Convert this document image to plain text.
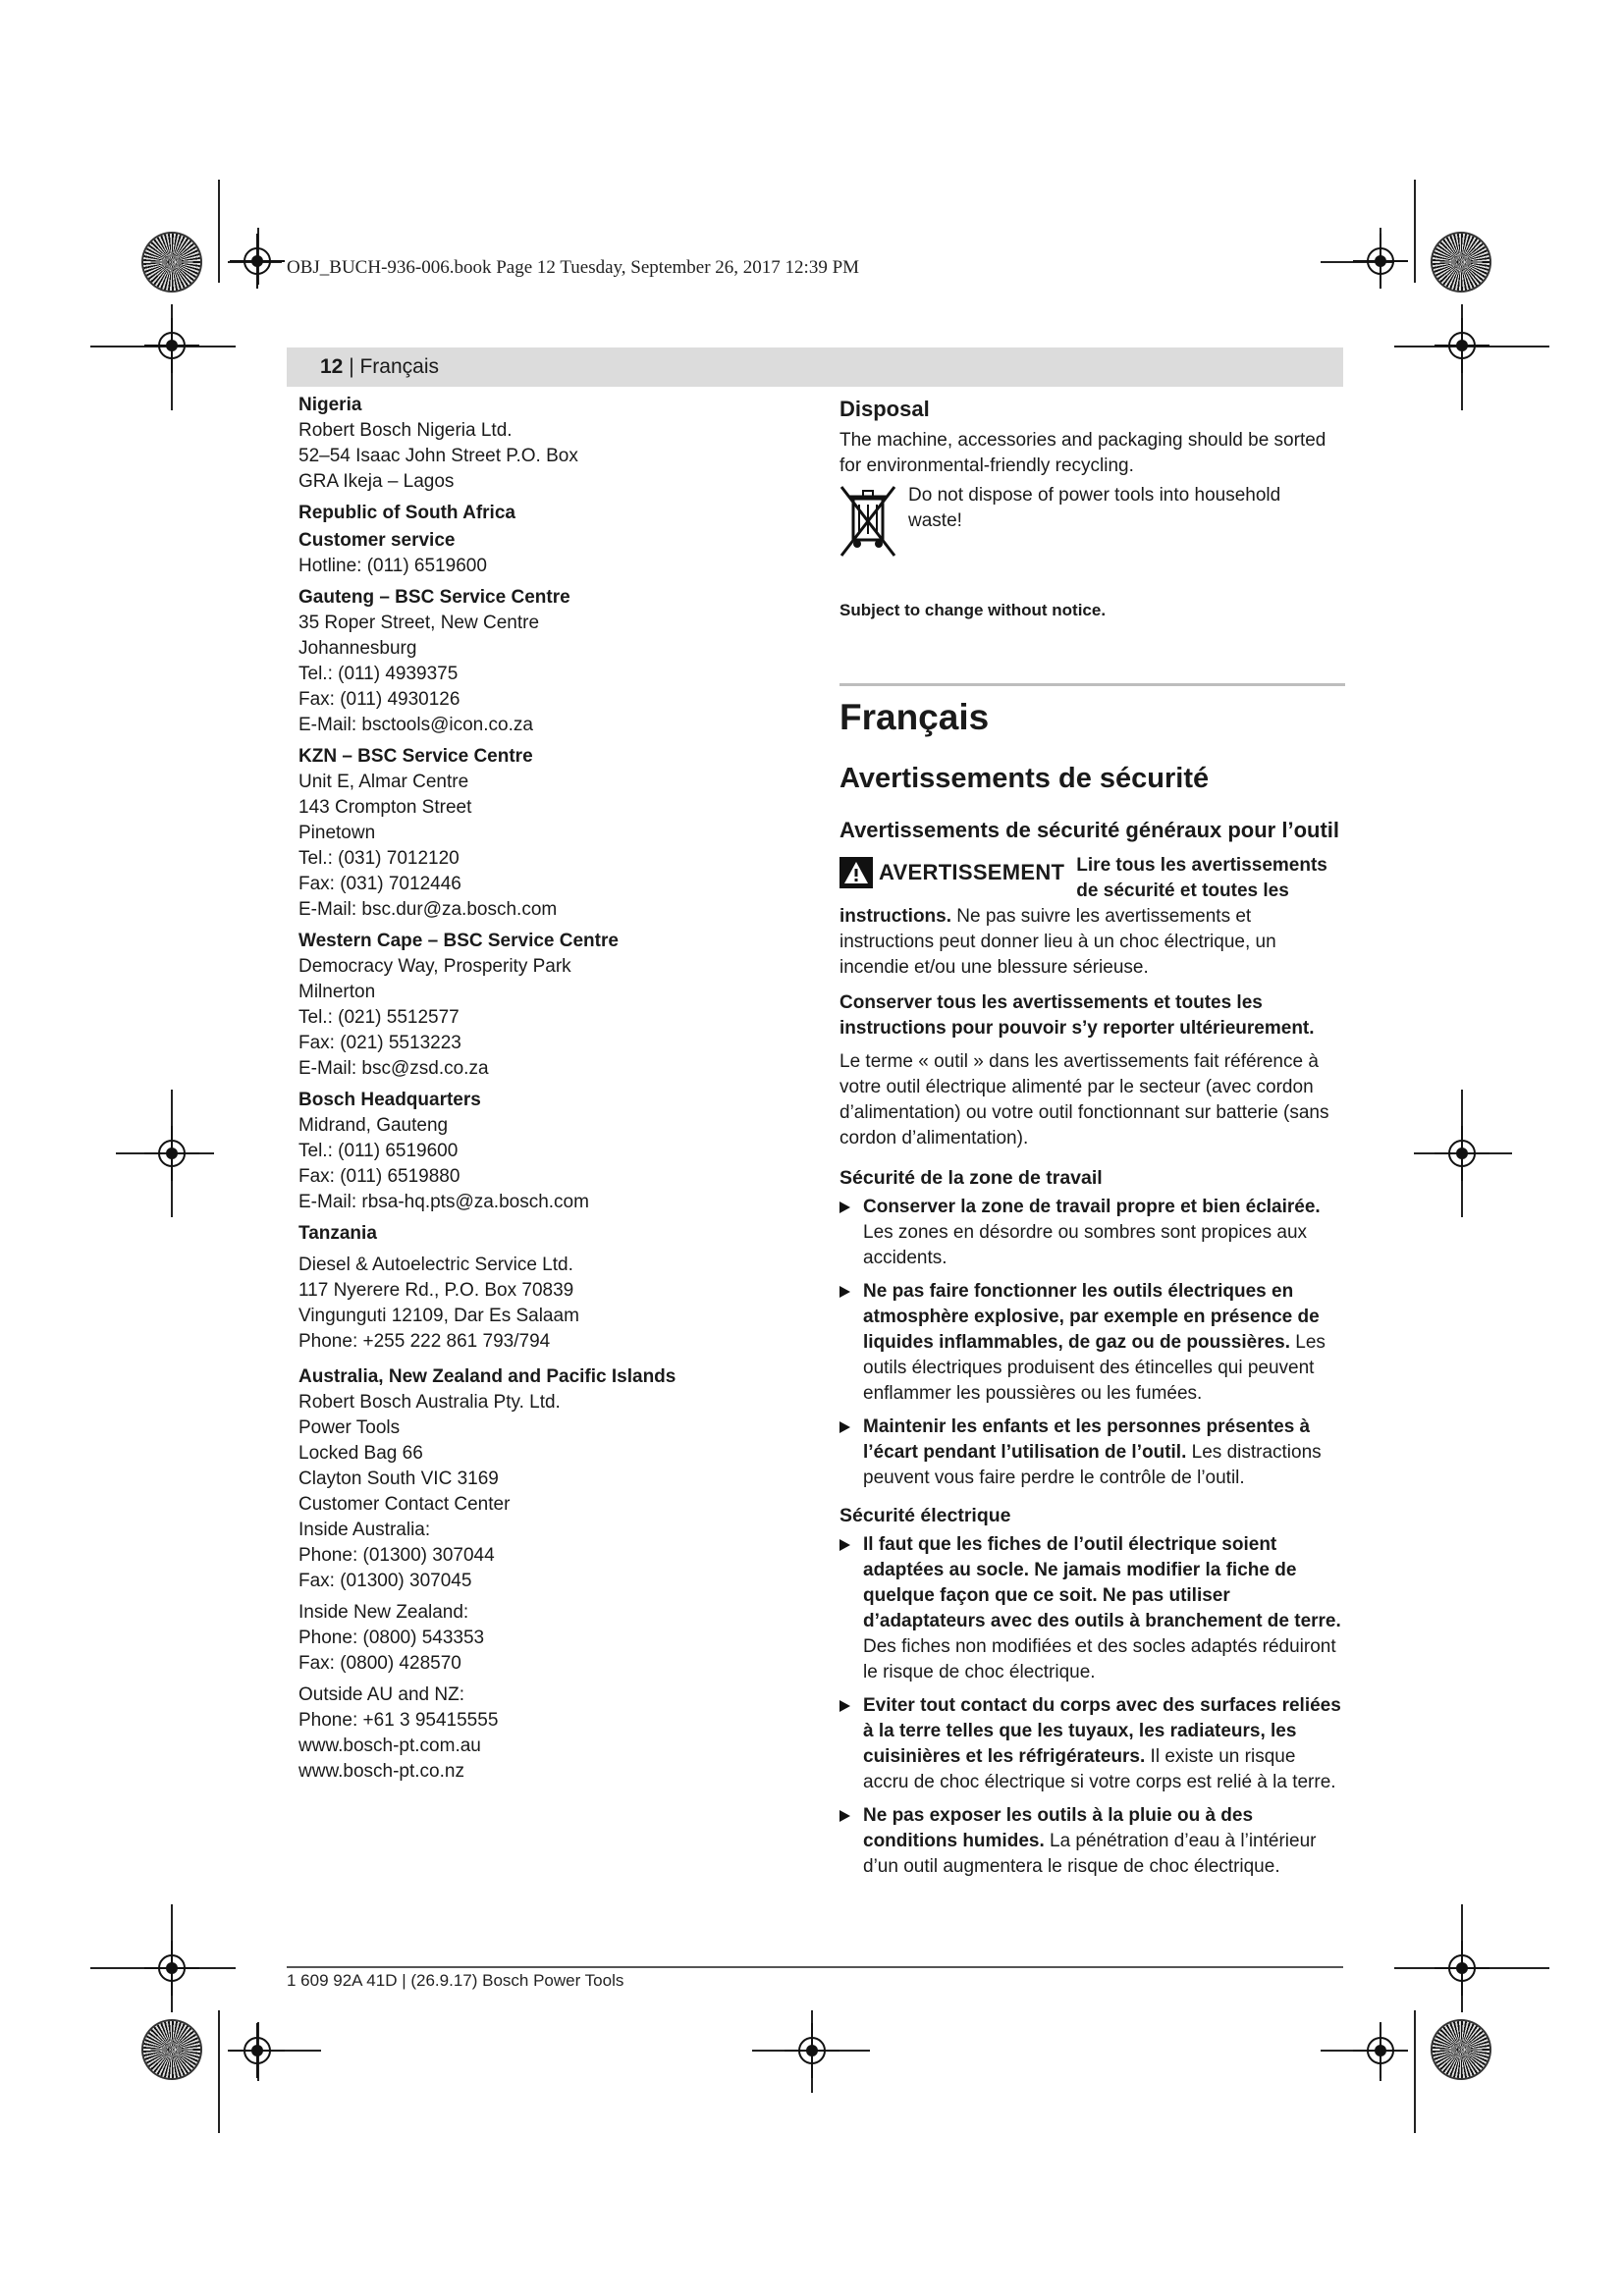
OBJ_BUCH-936-006.book Page 12 Tuesday, September 26, 2017 12:39 PM
12 | Français
Nigeria
Robert Bosch Nigeria Ltd.
52–54 Isaac John Street P.O. Box
GRA Ikeja – Lagos
Republic of South Africa
Customer service
Hotline: (011) 6519600
Gauteng – BSC Service Centre
35 Roper Street, New Centre
Johannesburg
Tel.: (011) 4939375
Fax: (011) 4930126
E-Mail: bsctools@icon.co.za
KZN – BSC Service Centre
Unit E, Almar Centre
143 Crompton Street
Pinetown
Tel.: (031) 7012120
Fax: (031) 7012446
E-Mail: bsc.dur@za.bosch.com
Western Cape – BSC Service Centre
Democracy Way, Prosperity Park
Milnerton
Tel.: (021) 5512577
Fax: (021) 5513223
E-Mail: bsc@zsd.co.za
Bosch Headquarters
Midrand, Gauteng
Tel.: (011) 6519600
Fax: (011) 6519880
E-Mail: rbsa-hq.pts@za.bosch.com
Tanzania
Diesel & Autoelectric Service Ltd.
117 Nyerere Rd., P.O. Box 70839
Vingunguti 12109, Dar Es Salaam
Phone: +255 222 861 793/794
Australia, New Zealand and Pacific Islands
Robert Bosch Australia Pty. Ltd.
Power Tools
Locked Bag 66
Clayton South VIC 3169
Customer Contact Center
Inside Australia:
Phone: (01300) 307044
Fax: (01300) 307045
Inside New Zealand:
Phone: (0800) 543353
Fax: (0800) 428570
Outside AU and NZ:
Phone: +61 3 95415555
www.bosch-pt.com.au
www.bosch-pt.co.nz
Disposal

The machine, accessories and packaging should be sorted for environmental-friendly recycling.

Do not dispose of power tools into household waste!

Subject to change without notice.
Français
Avertissements de sécurité
Avertissements de sécurité généraux pour l’outil
AVERTISSEMENT Lire tous les avertissements de sécurité et toutes les instructions. Ne pas suivre les avertissements et instructions peut donner lieu à un choc électrique, un incendie et/ou une blessure sérieuse.

Conserver tous les avertissements et toutes les instructions pour pouvoir s’y reporter ultérieurement.

Le terme « outil » dans les avertissements fait référence à votre outil électrique alimenté par le secteur (avec cordon d’alimentation) ou votre outil fonctionnant sur batterie (sans cordon d’alimentation).

Sécurité de la zone de travail
Conserver la zone de travail propre et bien éclairée. Les zones en désordre ou sombres sont propices aux accidents.
Ne pas faire fonctionner les outils électriques en atmosphère explosive, par exemple en présence de liquides inflammables, de gaz ou de poussières. Les outils électriques produisent des étincelles qui peuvent enflammer les poussières ou les fumées.
Maintenir les enfants et les personnes présentes à l’écart pendant l’utilisation de l’outil. Les distractions peuvent vous faire perdre le contrôle de l’outil.
Sécurité électrique
Il faut que les fiches de l’outil électrique soient adaptées au socle. Ne jamais modifier la fiche de quelque façon que ce soit. Ne pas utiliser d’adaptateurs avec des outils à branchement de terre. Des fiches non modifiées et des socles adaptés réduiront le risque de choc électrique.
Eviter tout contact du corps avec des surfaces reliées à la terre telles que les tuyaux, les radiateurs, les cuisinières et les réfrigérateurs. Il existe un risque accru de choc électrique si votre corps est relié à la terre.
Ne pas exposer les outils à la pluie ou à des conditions humides. La pénétration d’eau à l’intérieur d’un outil augmentera le risque de choc électrique.
1 609 92A 41D | (26.9.17) Bosch Power Tools
